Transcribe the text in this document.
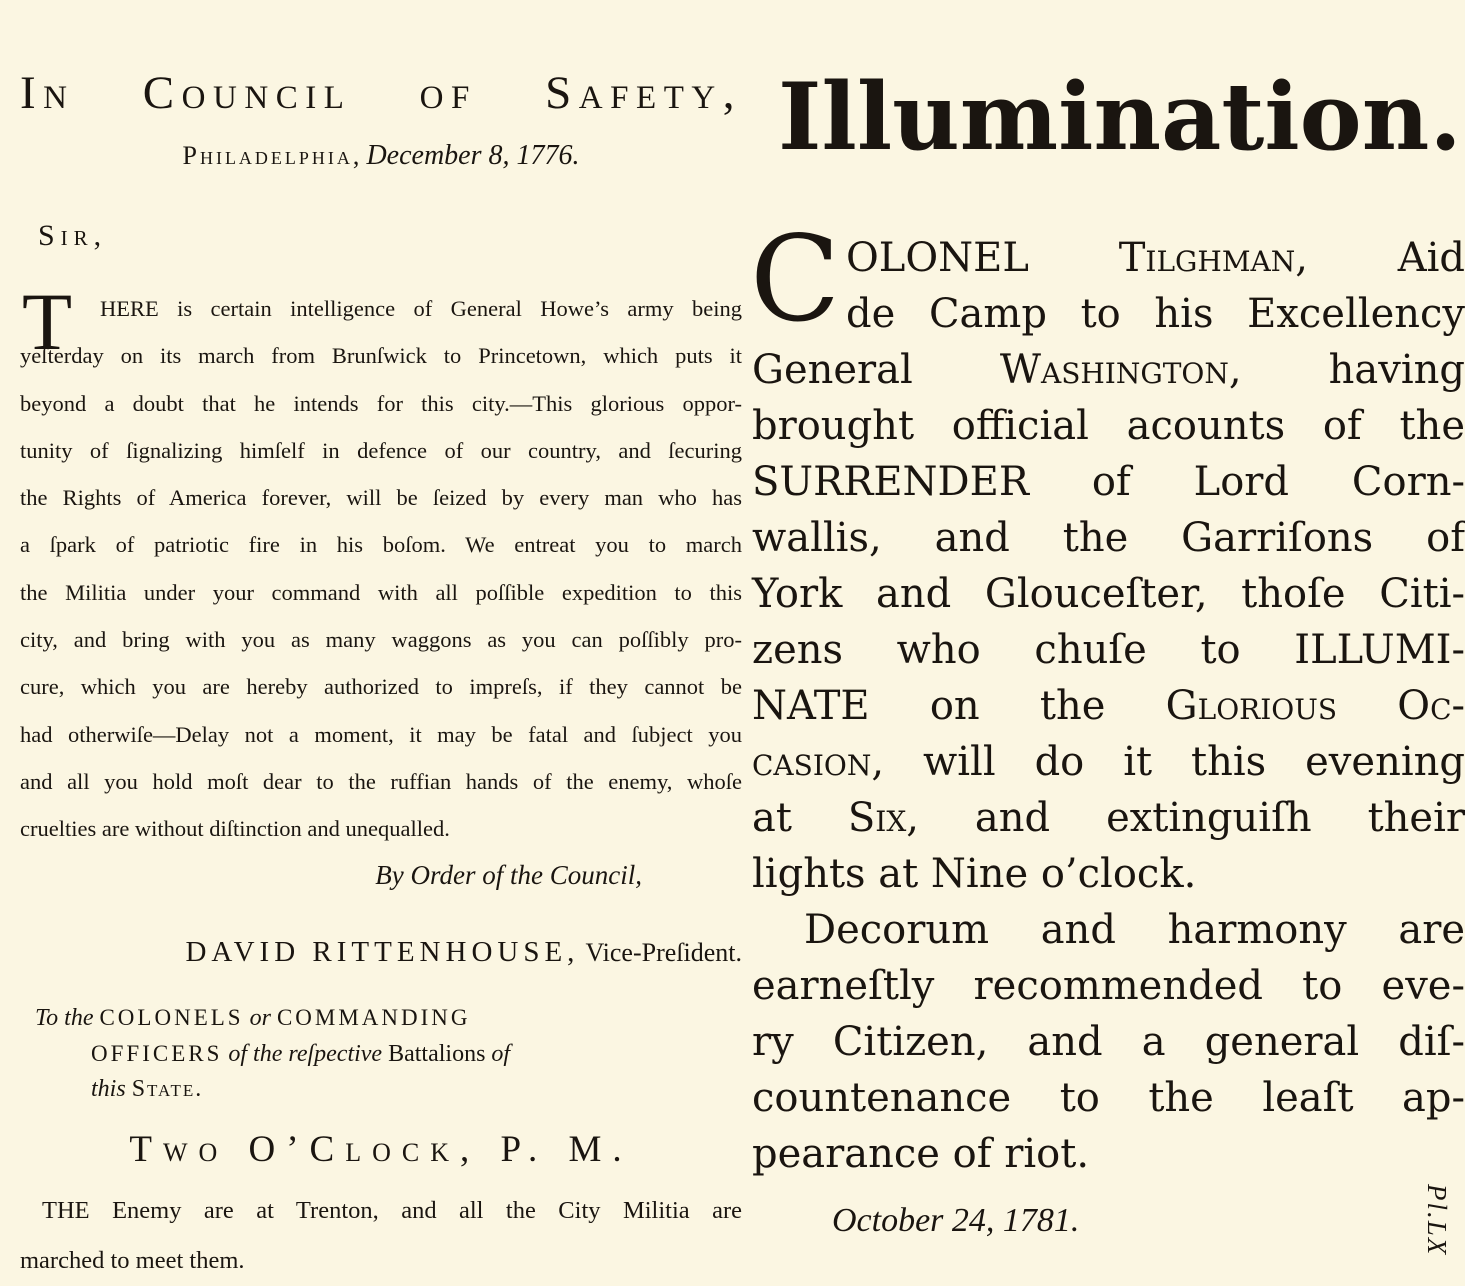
In Council of Safety,
Philadelphia, December 8, 1776.
Sir,
T	HERE is certain intelligence of General Howe’s army being
yeſterday on its march from Brunſwick to Princetown, which puts it
beyond a doubt that he intends for this city.—This glorious oppor-
tunity of ſignalizing himſelf in defence of our country, and ſecuring
the Rights of America forever, will be ſeized by every man who has
a ſpark of patriotic fire in his boſom. We entreat you to march
the Militia under your command with all poſſible expedition to this
city, and bring with you as many waggons as you can poſſibly pro-
cure, which you are hereby authorized to impreſs, if they cannot be
had otherwiſe—Delay not a moment, it may be fatal and ſubject you
and all you hold moſt dear to the ruffian hands of the enemy, whoſe
cruelties are without diſtinction and unequalled.
By Order of the Council,
DAVID RITTENHOUSE, Vice-Preſident.
To the COLONELS or COMMANDING
OFFICERS of the reſpective Battalions of
this State.
Two O’Clock, P. M.
THE Enemy are at Trenton, and all the City Militia are
marched to meet them.
Illumination.
C OLONEL Tilghman, Aid
de Camp to his Excellency
General Washington, having
brought official acounts of the
SURRENDER of Lord Corn-
wallis, and the Garriſons of
York and Glouceſter, thoſe Citi-
zens who chuſe to ILLUMI-
NATE on the Glorious Oc-
casion, will do it this evening
at Six, and extinguiſh their
lights at Nine o’clock.
Decorum and harmony are
earneſtly recommended to eve-
ry Citizen, and a general diſ-
countenance to the leaſt ap-
pearance of riot.
October 24, 1781.	Pl.LX
